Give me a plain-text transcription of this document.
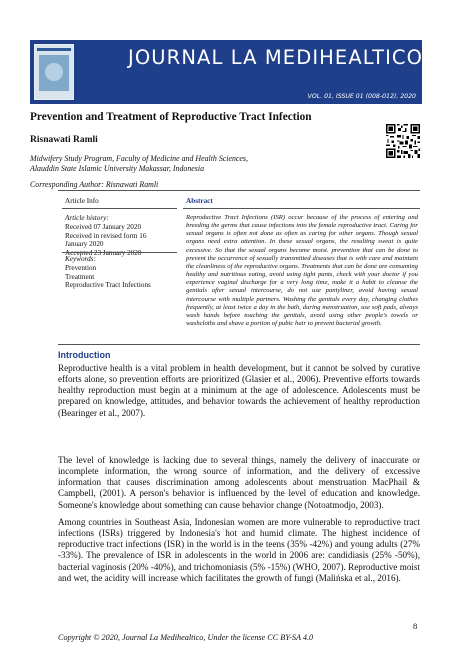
JOURNAL LA MEDIHEALTICO
VOL. 01, ISSUE 01 (008-012), 2020
Prevention and Treatment of Reproductive Tract Infection
Risnawati Ramli
Midwifery Study Program, Faculty of Medicine and Health Sciences,
Alauddin State Islamic University Makassar, Indonesia
Corresponding Author: Risnawati Ramli
Article Info	Abstract
Article history:
Received 07 January 2020
Received in revised form 16
January 2020
Accepted 23 January 2020
Keywords:
Prevention
Treatment
Reproductive Tract Infections
Reproductive Tract Infections (ISR) occur because of the process of entering and breeding the germs that cause infections into the female reproductive tract. Caring for sexual organs is often not done as often as caring for other organs. Though sexual organs need extra attention. In these sexual organs, the resulting sweat is quite excessive. So that the sexual organs become moist. prevention that can be done to prevent the occurrence of sexually transmitted diseases that is with care and maintain the cleanliness of the reproductive organs. Treatments that can be done are consuming healthy and nutritious eating, avoid using tight pants, check with your doctor if you experience vaginal discharge for a very long time, make it a habit to cleanse the genitals after sexual intercourse, do not use pantyliner, avoid having sexual intercourse with multiple partners. Washing the genitals every day, changing clothes frequently, at least twice a day in the bath, during menstruation, use soft pads, always wash hands before touching the genitals, avoid using other people's towels or washcloths and shave a portion of pubic hair to prevent bacterial growth.
Introduction
Reproductive health is a vital problem in health development, but it cannot be solved by curative efforts alone, so prevention efforts are prioritized (Glasier et al., 2006). Preventive efforts towards healthy reproduction must begin at a minimum at the age of adolescence. Adolescents must be prepared on knowledge, attitudes, and behavior towards the achievement of healthy reproduction (Bearinger et al., 2007).
The level of knowledge is lacking due to several things, namely the delivery of inaccurate or incomplete information, the wrong source of information, and the delivery of excessive information that causes discrimination among adolescents about menstruation MacPhail & Campbell, (2001). A person's behavior is influenced by the level of education and knowledge. Someone's knowledge about something can cause behavior change (Notoatmodjo, 2003).
Among countries in Southeast Asia, Indonesian women are more vulnerable to reproductive tract infections (ISRs) triggered by Indonesia's hot and humid climate. The highest incidence of reproductive tract infections (ISR) in the world is in the teens (35% -42%) and young adults (27% -33%). The prevalence of ISR in adolescents in the world in 2006 are: candidiasis (25% -50%), bacterial vaginosis (20% -40%), and trichomoniasis (5% -15%) (WHO, 2007). Reproductive moist and wet, the acidity will increase which facilitates the growth of fungi (Malińska et al., 2016).
8
Copyright © 2020, Journal La Medihealtico, Under the license CC BY-SA 4.0
